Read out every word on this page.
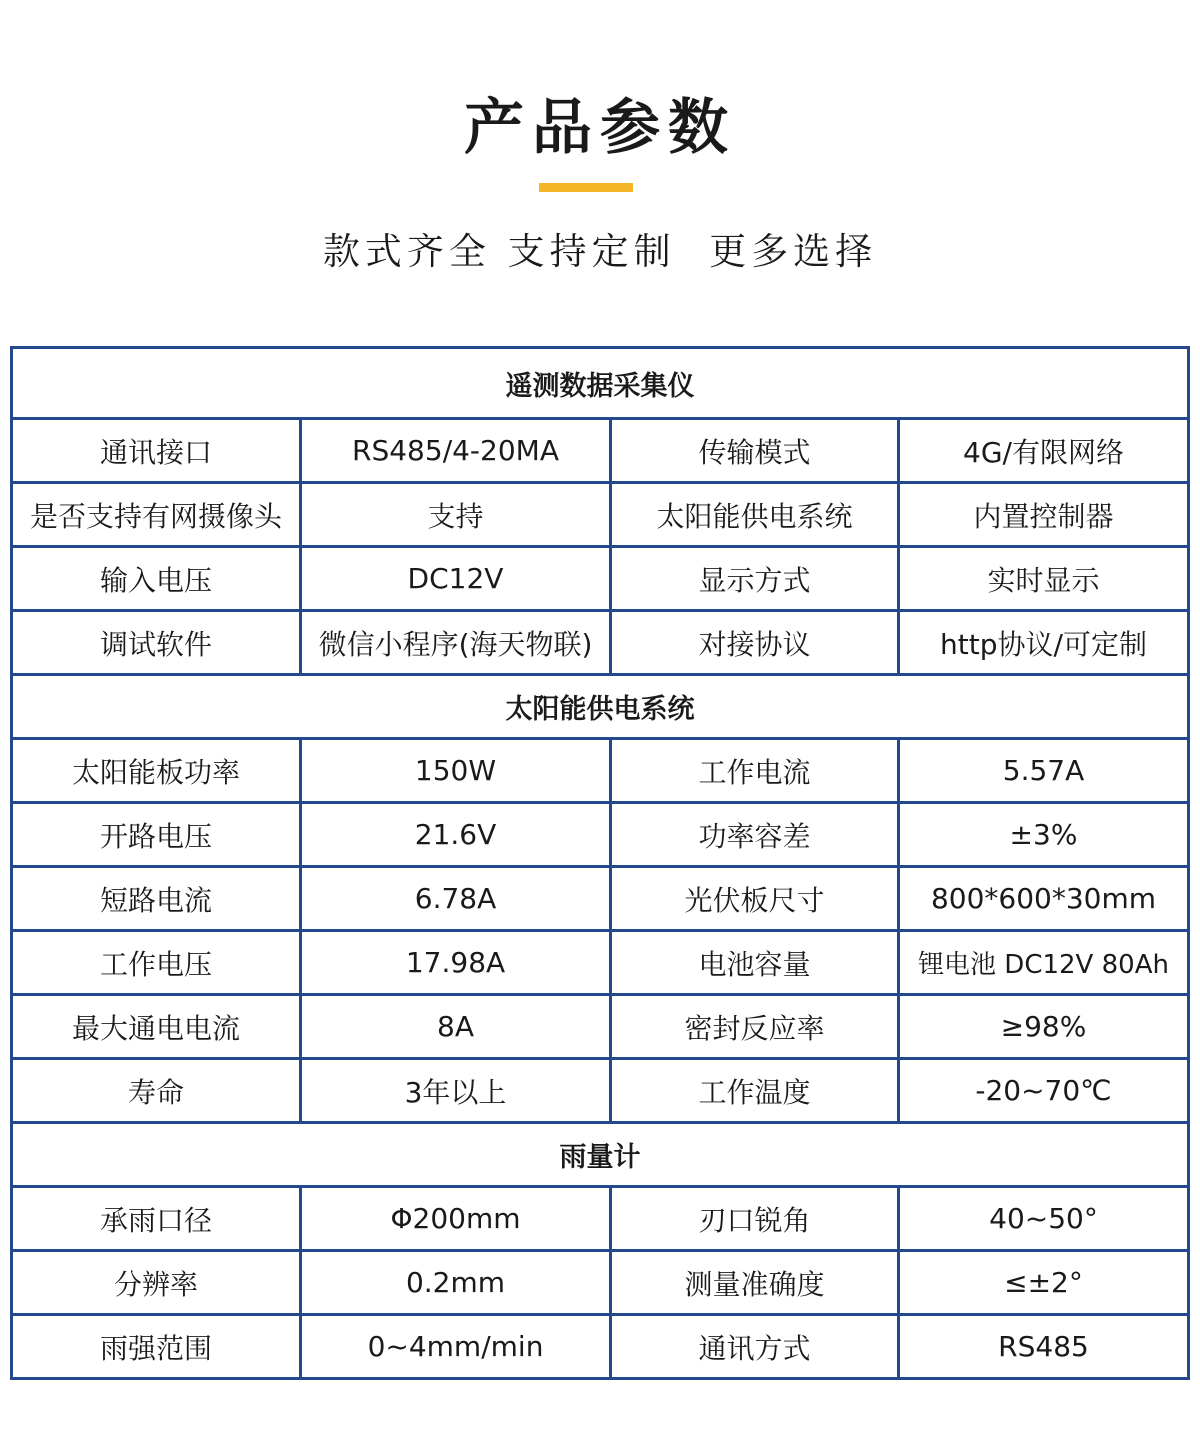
产品参数
款式齐全 支持定制  更多选择
遥测数据采集仪			
通讯接口	RS485/4-20MA	传输模式	4G/有限网络
是否支持有网摄像头	支持	太阳能供电系统	内置控制器
输入电压	DC12V	显示方式	实时显示
调试软件	微信小程序(海天物联)	对接协议	http协议/可定制
太阳能供电系统			
太阳能板功率	150W	工作电流	5.57A
开路电压	21.6V	功率容差	±3%
短路电流	6.78A	光伏板尺寸	800*600*30mm
工作电压	17.98A	电池容量	锂电池 DC12V 80Ah
最大通电电流	8A	密封反应率	≥98%
寿命	3年以上	工作温度	-20~70℃
雨量计			
承雨口径	Φ200mm	刃口锐角	40~50°
分辨率	0.2mm	测量准确度	≤±2°
雨强范围	0~4mm/min	通讯方式	RS485
